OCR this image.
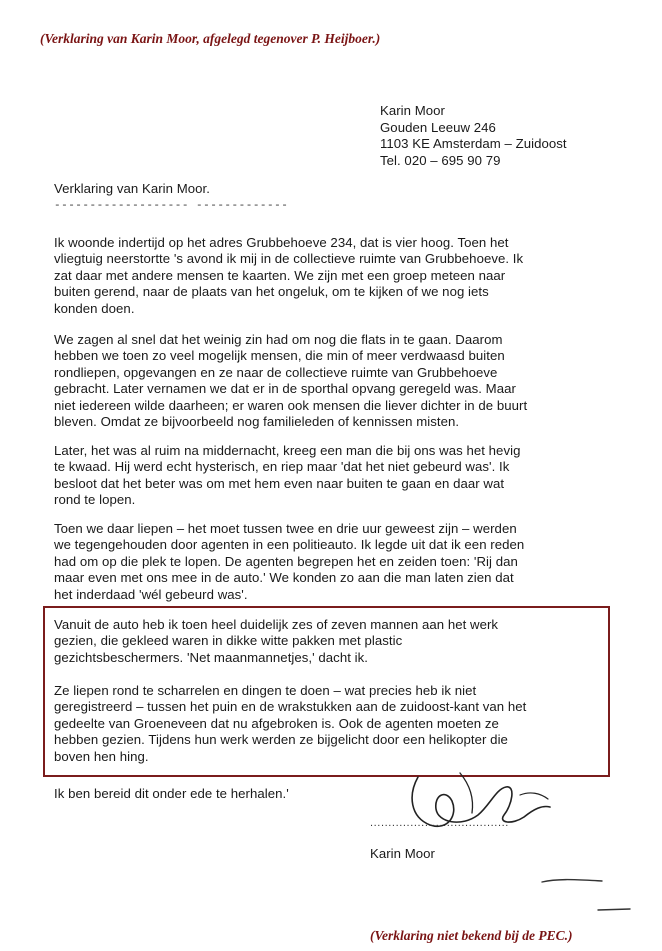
(Verklaring van Karin Moor, afgelegd tegenover P. Heijboer.)
Karin Moor
Gouden Leeuw 246
1103 KE Amsterdam – Zuidoost
Tel. 020 – 695 90 79
Verklaring van Karin Moor.
------------------- -------------
Ik woonde indertijd op het adres Grubbehoeve 234, dat is vier hoog. Toen het
vliegtuig neerstortte 's avond ik mij in de collectieve ruimte van Grubbehoeve. Ik
zat daar met andere mensen te kaarten. We zijn met een groep meteen naar
buiten gerend, naar de plaats van het ongeluk, om te kijken of we nog iets
konden doen.
We zagen al snel dat het weinig zin had om nog die flats in te gaan. Daarom
hebben we toen zo veel mogelijk mensen, die min of meer verdwaasd buiten
rondliepen, opgevangen en ze naar de collectieve ruimte van Grubbehoeve
gebracht. Later vernamen we dat er in de sporthal opvang geregeld was. Maar
niet iedereen wilde daarheen; er waren ook mensen die liever dichter in de buurt
bleven. Omdat ze bijvoorbeeld nog familieleden of kennissen misten.
Later, het was al ruim na middernacht, kreeg een man die bij ons was het hevig
te kwaad. Hij werd echt hysterisch, en riep maar 'dat het niet gebeurd was'. Ik
besloot dat het beter was om met hem even naar buiten te gaan en daar wat
rond te lopen.
Toen we daar liepen – het moet tussen twee en drie uur geweest zijn – werden
we tegengehouden door agenten in een politieauto. Ik legde uit dat ik een reden
had om op die plek te lopen. De agenten begrepen het en zeiden toen: 'Rij dan
maar even met ons mee in de auto.' We konden zo aan die man laten zien dat
het inderdaad 'wél gebeurd was'.
Vanuit de auto heb ik toen heel duidelijk zes of zeven mannen aan het werk
gezien, die gekleed waren in dikke witte pakken met plastic
gezichtsbeschermers. 'Net maanmannetjes,' dacht ik.
Ze liepen rond te scharrelen en dingen te doen – wat precies heb ik niet
geregistreerd – tussen het puin en de wrakstukken aan de zuidoost-kant van het
gedeelte van Groeneveen dat nu afgebroken is. Ook de agenten moeten ze
hebben gezien. Tijdens hun werk werden ze bijgelicht door een helikopter die
boven hen hing.
Ik ben bereid dit onder ede te herhalen.'
......................................
Karin Moor
(Verklaring niet bekend bij de PEC.)
